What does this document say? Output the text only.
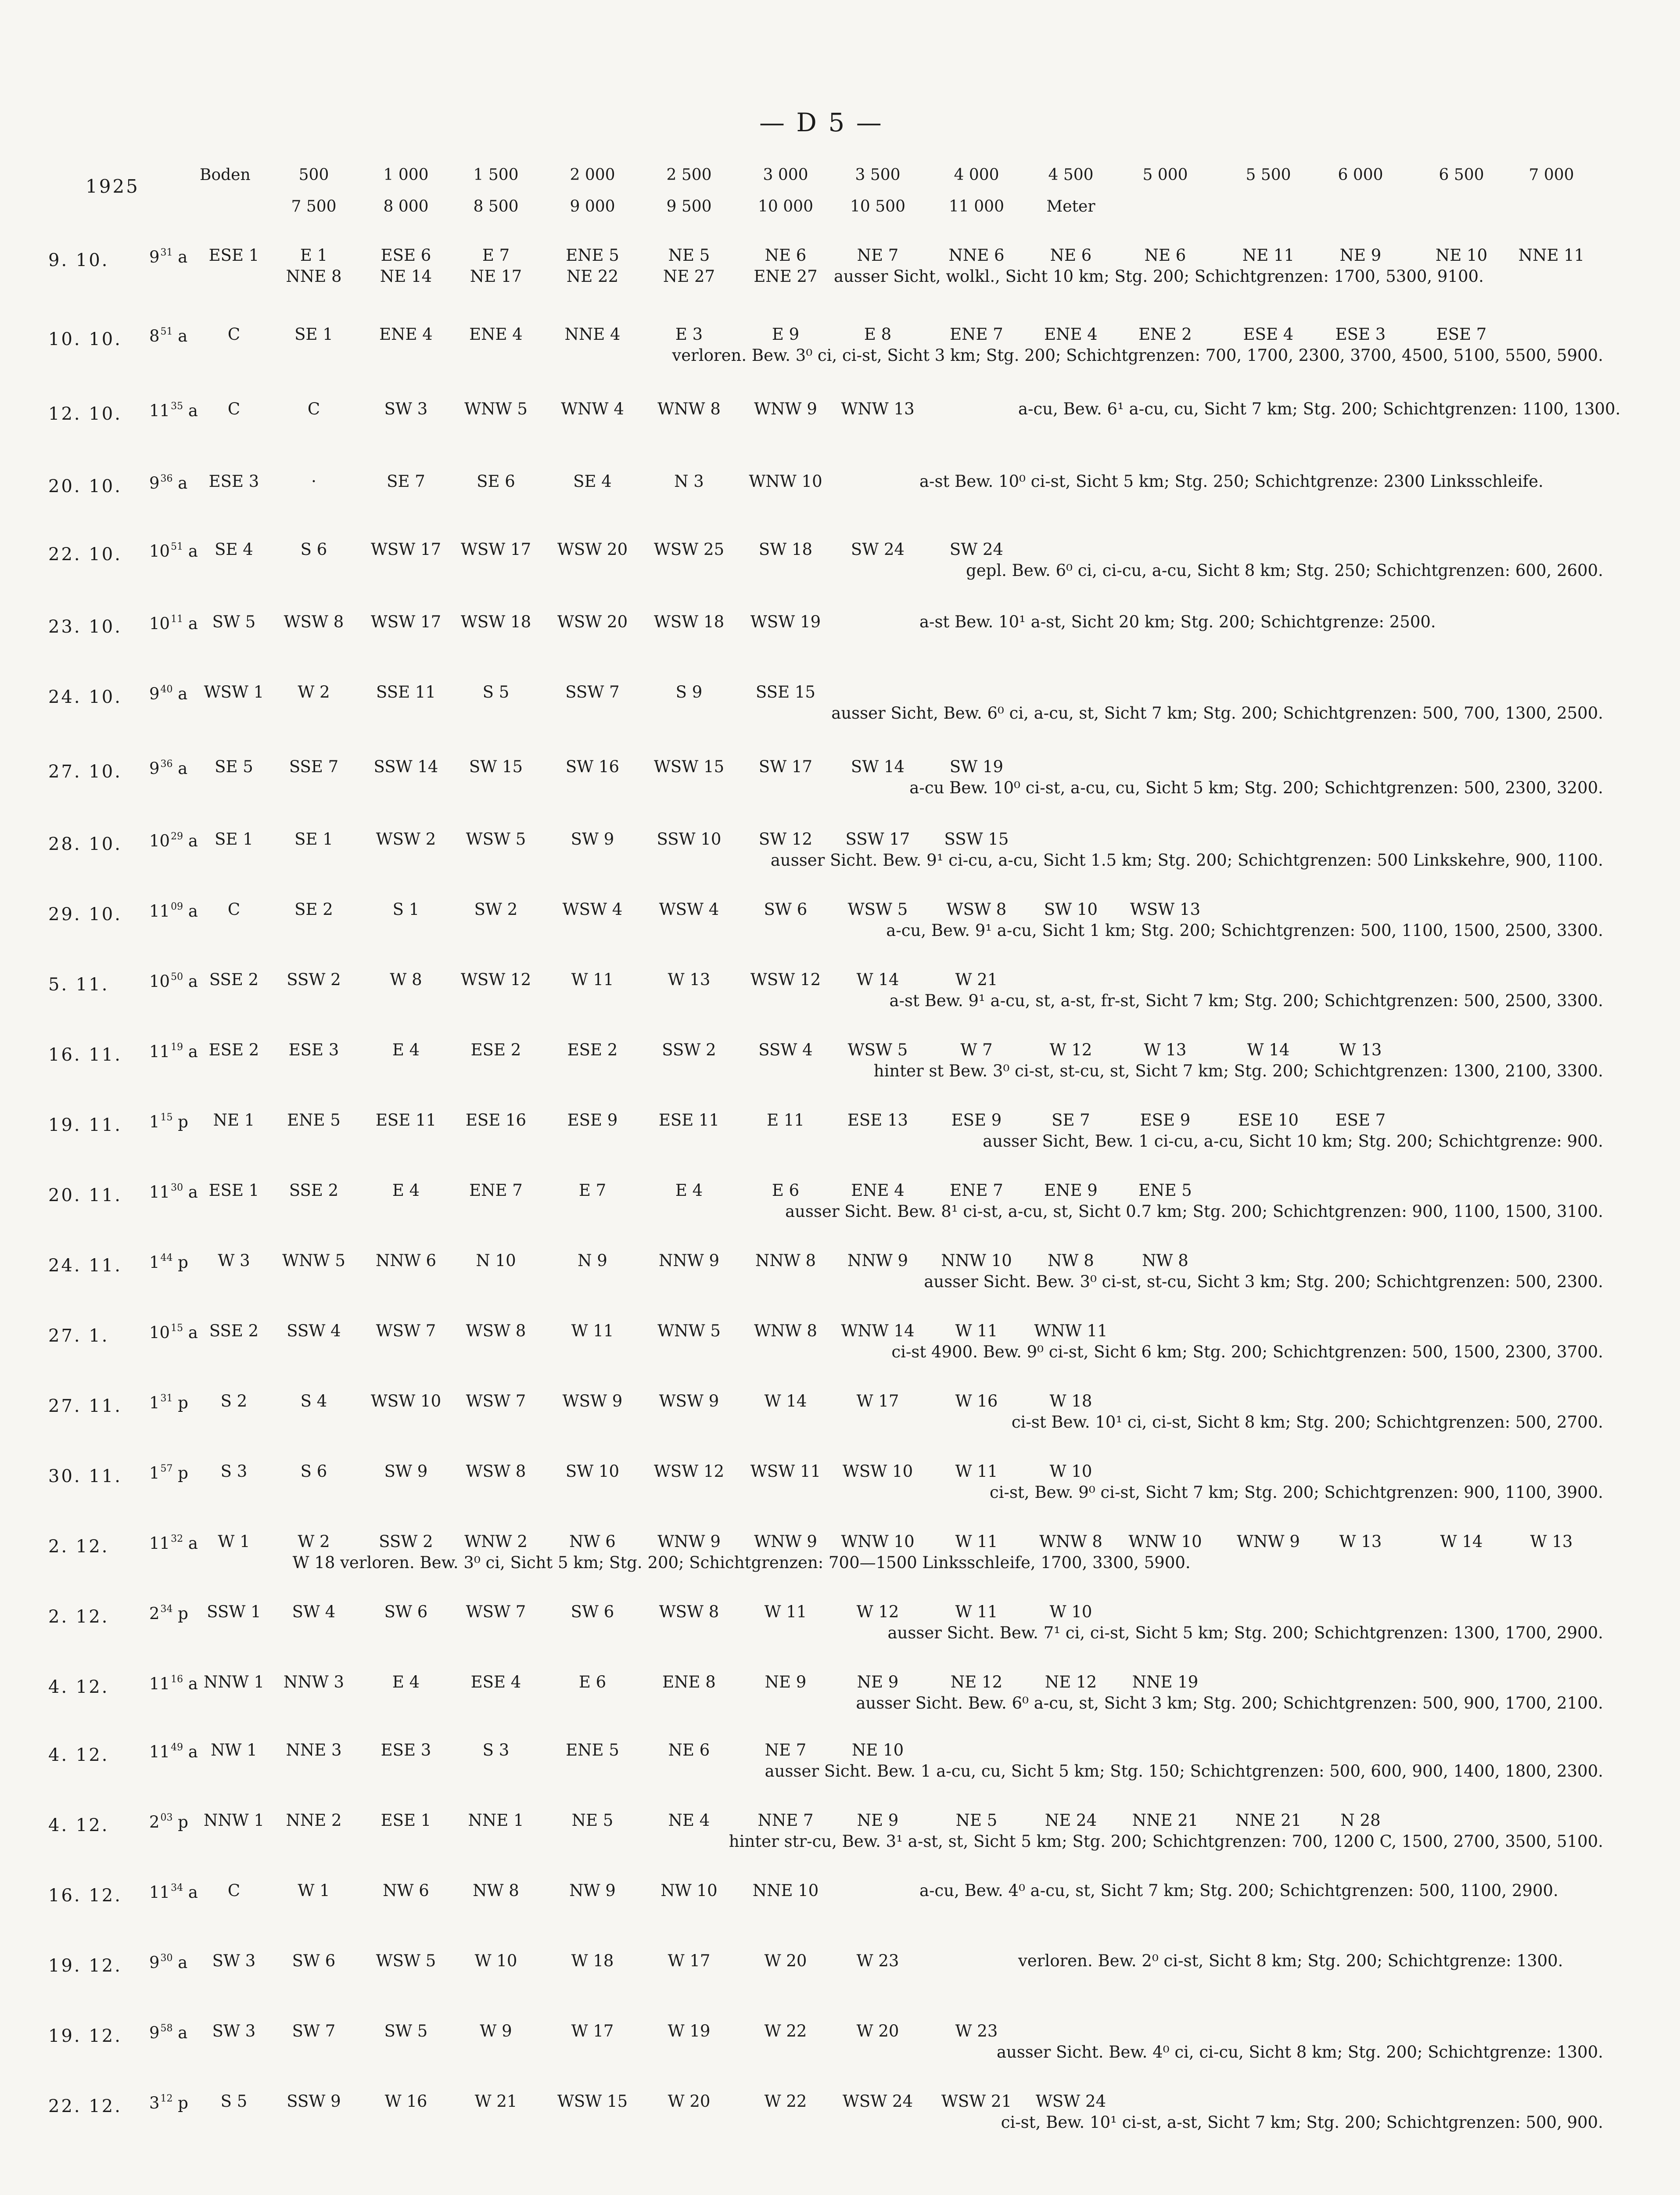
— D 5 —
1925
Boden	500	1 000	1 500	2 000	2 500	3 000	3 500	4 000	4 500	5 000	5 500	6 000	6 500	7 000
7 500	8 000	8 500	9 000	9 500	10 000 10 500	11 000	Meter
9. 10. $9^{31}$ a ESE 1	E 1	ESE 6	E 7	ENE 5	NE 5	NE 6	NE 7	NNE 6	NE 6	NE 6	NE 11	NE 9	NE 10 NNE 11
NNE 8 NE 14 NE 17	NE 22	NE 27 ENE 27 ausser Sicht, wolkl., Sicht 10 km; Stg. 200; Schichtgrenzen: 1700, 5300, 9100.
10. 10. $8^{51}$ a C	SE 1	ENE 4 ENE 4	NNE 4	E 3	E 9	E 8	ENE 7	ENE 4	ENE 2	ESE 4	ESE 3	ESE 7
verloren. Bew. 3⁰ ci, ci-st, Sicht 3 km; Stg. 200; Schichtgrenzen: 700, 1700, 2300, 3700, 4500, 5100, 5500, 5900.
12. 10. $11^{35}$ a C	C	SW 3 WNW 5 WNW 4 WNW 8 WNW 9 WNW 13	a-cu, Bew. 6¹ a-cu, cu, Sicht 7 km; Stg. 200; Schichtgrenzen: 1100, 1300.
20. 10. $9^{36}$ a ESE 3	·	SE 7	SE 6	SE 4	N 3	WNW 10	a-st Bew. 10⁰ ci-st, Sicht 5 km; Stg. 250; Schichtgrenze: 2300 Linksschleife.
22. 10. $10^{51}$ a SE 4	S 6	WSW 17 WSW 17 WSW 20 WSW 25 SW 18 SW 24	SW 24
gepl. Bew. 6⁰ ci, ci-cu, a-cu, Sicht 8 km; Stg. 250; Schichtgrenzen: 600, 2600.
23. 10. $10^{11}$ a SW 5 WSW 8 WSW 17 WSW 18 WSW 20 WSW 18 WSW 19	a-st Bew. 10¹ a-st, Sicht 20 km; Stg. 200; Schichtgrenze: 2500.
24. 10. $9^{40}$ a WSW 1 W 2	SSE 11	S 5	SSW 7	S 9	SSE 15
ausser Sicht, Bew. 6⁰ ci, a-cu, st, Sicht 7 km; Stg. 200; Schichtgrenzen: 500, 700, 1300, 2500.
27. 10. $9^{36}$ a SE 5 SSE 7 SSW 14 SW 15	SW 16 WSW 15 SW 17 SW 14	SW 19
a-cu Bew. 10⁰ ci-st, a-cu, cu, Sicht 5 km; Stg. 200; Schichtgrenzen: 500, 2300, 3200.
28. 10. $10^{29}$ a SE 1	SE 1	WSW 2 WSW 5	SW 9	SSW 10 SW 12 SSW 17 SSW 15
ausser Sicht. Bew. 9¹ ci-cu, a-cu, Sicht 1.5 km; Stg. 200; Schichtgrenzen: 500 Linkskehre, 900, 1100.
29. 10. $11^{09}$ a C	SE 2	S 1	SW 2	WSW 4 WSW 4	SW 6 WSW 5 WSW 8 SW 10 WSW 13
a-cu, Bew. 9¹ a-cu, Sicht 1 km; Stg. 200; Schichtgrenzen: 500, 1100, 1500, 2500, 3300.
5. 11. $10^{50}$ a SSE 2 SSW 2	W 8 WSW 12 W 11	W 13 WSW 12 W 14	W 21
a-st Bew. 9¹ a-cu, st, a-st, fr-st, Sicht 7 km; Stg. 200; Schichtgrenzen: 500, 2500, 3300.
16. 11. $11^{19}$ a ESE 2 ESE 3	E 4	ESE 2	ESE 2	SSW 2	SSW 4 WSW 5	W 7	W 12	W 13	W 14	W 13
hinter st Bew. 3⁰ ci-st, st-cu, st, Sicht 7 km; Stg. 200; Schichtgrenzen: 1300, 2100, 3300.
19. 11. $1^{15}$ p NE 1 ENE 5 ESE 11 ESE 16	ESE 9	ESE 11	E 11	ESE 13	ESE 9	SE 7	ESE 9	ESE 10 ESE 7
ausser Sicht, Bew. 1 ci-cu, a-cu, Sicht 10 km; Stg. 200; Schichtgrenze: 900.
20. 11. $11^{30}$ a ESE 1 SSE 2	E 4	ENE 7	E 7	E 4	E 6	ENE 4	ENE 7	ENE 9	ENE 5
ausser Sicht. Bew. 8¹ ci-st, a-cu, st, Sicht 0.7 km; Stg. 200; Schichtgrenzen: 900, 1100, 1500, 3100.
24. 11. $1^{44}$ p W 3 WNW 5 NNW 6 N 10	N 9	NNW 9 NNW 8 NNW 9 NNW 10 NW 8	NW 8
ausser Sicht. Bew. 3⁰ ci-st, st-cu, Sicht 3 km; Stg. 200; Schichtgrenzen: 500, 2300.
27. 1. $10^{15}$ a SSE 2 SSW 4 WSW 7 WSW 8	W 11	WNW 5 WNW 8 WNW 14	W 11 WNW 11
ci-st 4900. Bew. 9⁰ ci-st, Sicht 6 km; Stg. 200; Schichtgrenzen: 500, 1500, 2300, 3700.
27. 11. $1^{31}$ p S 2	S 4	WSW 10 WSW 7 WSW 9 WSW 9	W 14	W 17	W 16	W 18
ci-st Bew. 10¹ ci, ci-st, Sicht 8 km; Stg. 200; Schichtgrenzen: 500, 2700.
30. 11. $1^{57}$ p S 3	S 6	SW 9 WSW 8 SW 10 WSW 12 WSW 11 WSW 10	W 11	W 10
ci-st, Bew. 9⁰ ci-st, Sicht 7 km; Stg. 200; Schichtgrenzen: 900, 1100, 3900.
2. 12. $11^{32}$ a W 1	W 2	SSW 2 WNW 2	NW 6	WNW 9 WNW 9 WNW 10	W 11	WNW 8 WNW 10 WNW 9 W 13	W 14	W 13
W 18 verloren. Bew. 3⁰ ci, Sicht 5 km; Stg. 200; Schichtgrenzen: 700—1500 Linksschleife, 1700, 3300, 5900.
2. 12. $2^{34}$ p SSW 1 SW 4	SW 6 WSW 7	SW 6	WSW 8	W 11	W 12	W 11	W 10
ausser Sicht. Bew. 7¹ ci, ci-st, Sicht 5 km; Stg. 200; Schichtgrenzen: 1300, 1700, 2900.
4. 12. $11^{16}$ a NNW 1 NNW 3	E 4	ESE 4	E 6	ENE 8	NE 9	NE 9	NE 12	NE 12 NNE 19
ausser Sicht. Bew. 6⁰ a-cu, st, Sicht 3 km; Stg. 200; Schichtgrenzen: 500, 900, 1700, 2100.
4. 12. $11^{49}$ a NW 1 NNE 3 ESE 3	S 3	ENE 5	NE 6	NE 7	NE 10
ausser Sicht. Bew. 1 a-cu, cu, Sicht 5 km; Stg. 150; Schichtgrenzen: 500, 600, 900, 1400, 1800, 2300.
4. 12. $2^{03}$ p NNW 1 NNE 2 ESE 1 NNE 1	NE 5	NE 4	NNE 7	NE 9	NE 5	NE 24 NNE 21 NNE 21 N 28
hinter str-cu, Bew. 3¹ a-st, st, Sicht 5 km; Stg. 200; Schichtgrenzen: 700, 1200 C, 1500, 2700, 3500, 5100.
16. 12. $11^{34}$ a C	W 1	NW 6	NW 8	NW 9	NW 10 NNE 10	a-cu, Bew. 4⁰ a-cu, st, Sicht 7 km; Stg. 200; Schichtgrenzen: 500, 1100, 2900.
19. 12. $9^{30}$ a SW 3 SW 6 WSW 5 W 10	W 18	W 17	W 20	W 23	verloren. Bew. 2⁰ ci-st, Sicht 8 km; Stg. 200; Schichtgrenze: 1300.
19. 12. $9^{58}$ a SW 3 SW 7	SW 5	W 9	W 17	W 19	W 22	W 20	W 23
ausser Sicht. Bew. 4⁰ ci, ci-cu, Sicht 8 km; Stg. 200; Schichtgrenze: 1300.
22. 12. $3^{12}$ p S 5 SSW 9	W 16	W 21 WSW 15 W 20	W 22 WSW 24 WSW 21 WSW 24
ci-st, Bew. 10¹ ci-st, a-st, Sicht 7 km; Stg. 200; Schichtgrenzen: 500, 900.
